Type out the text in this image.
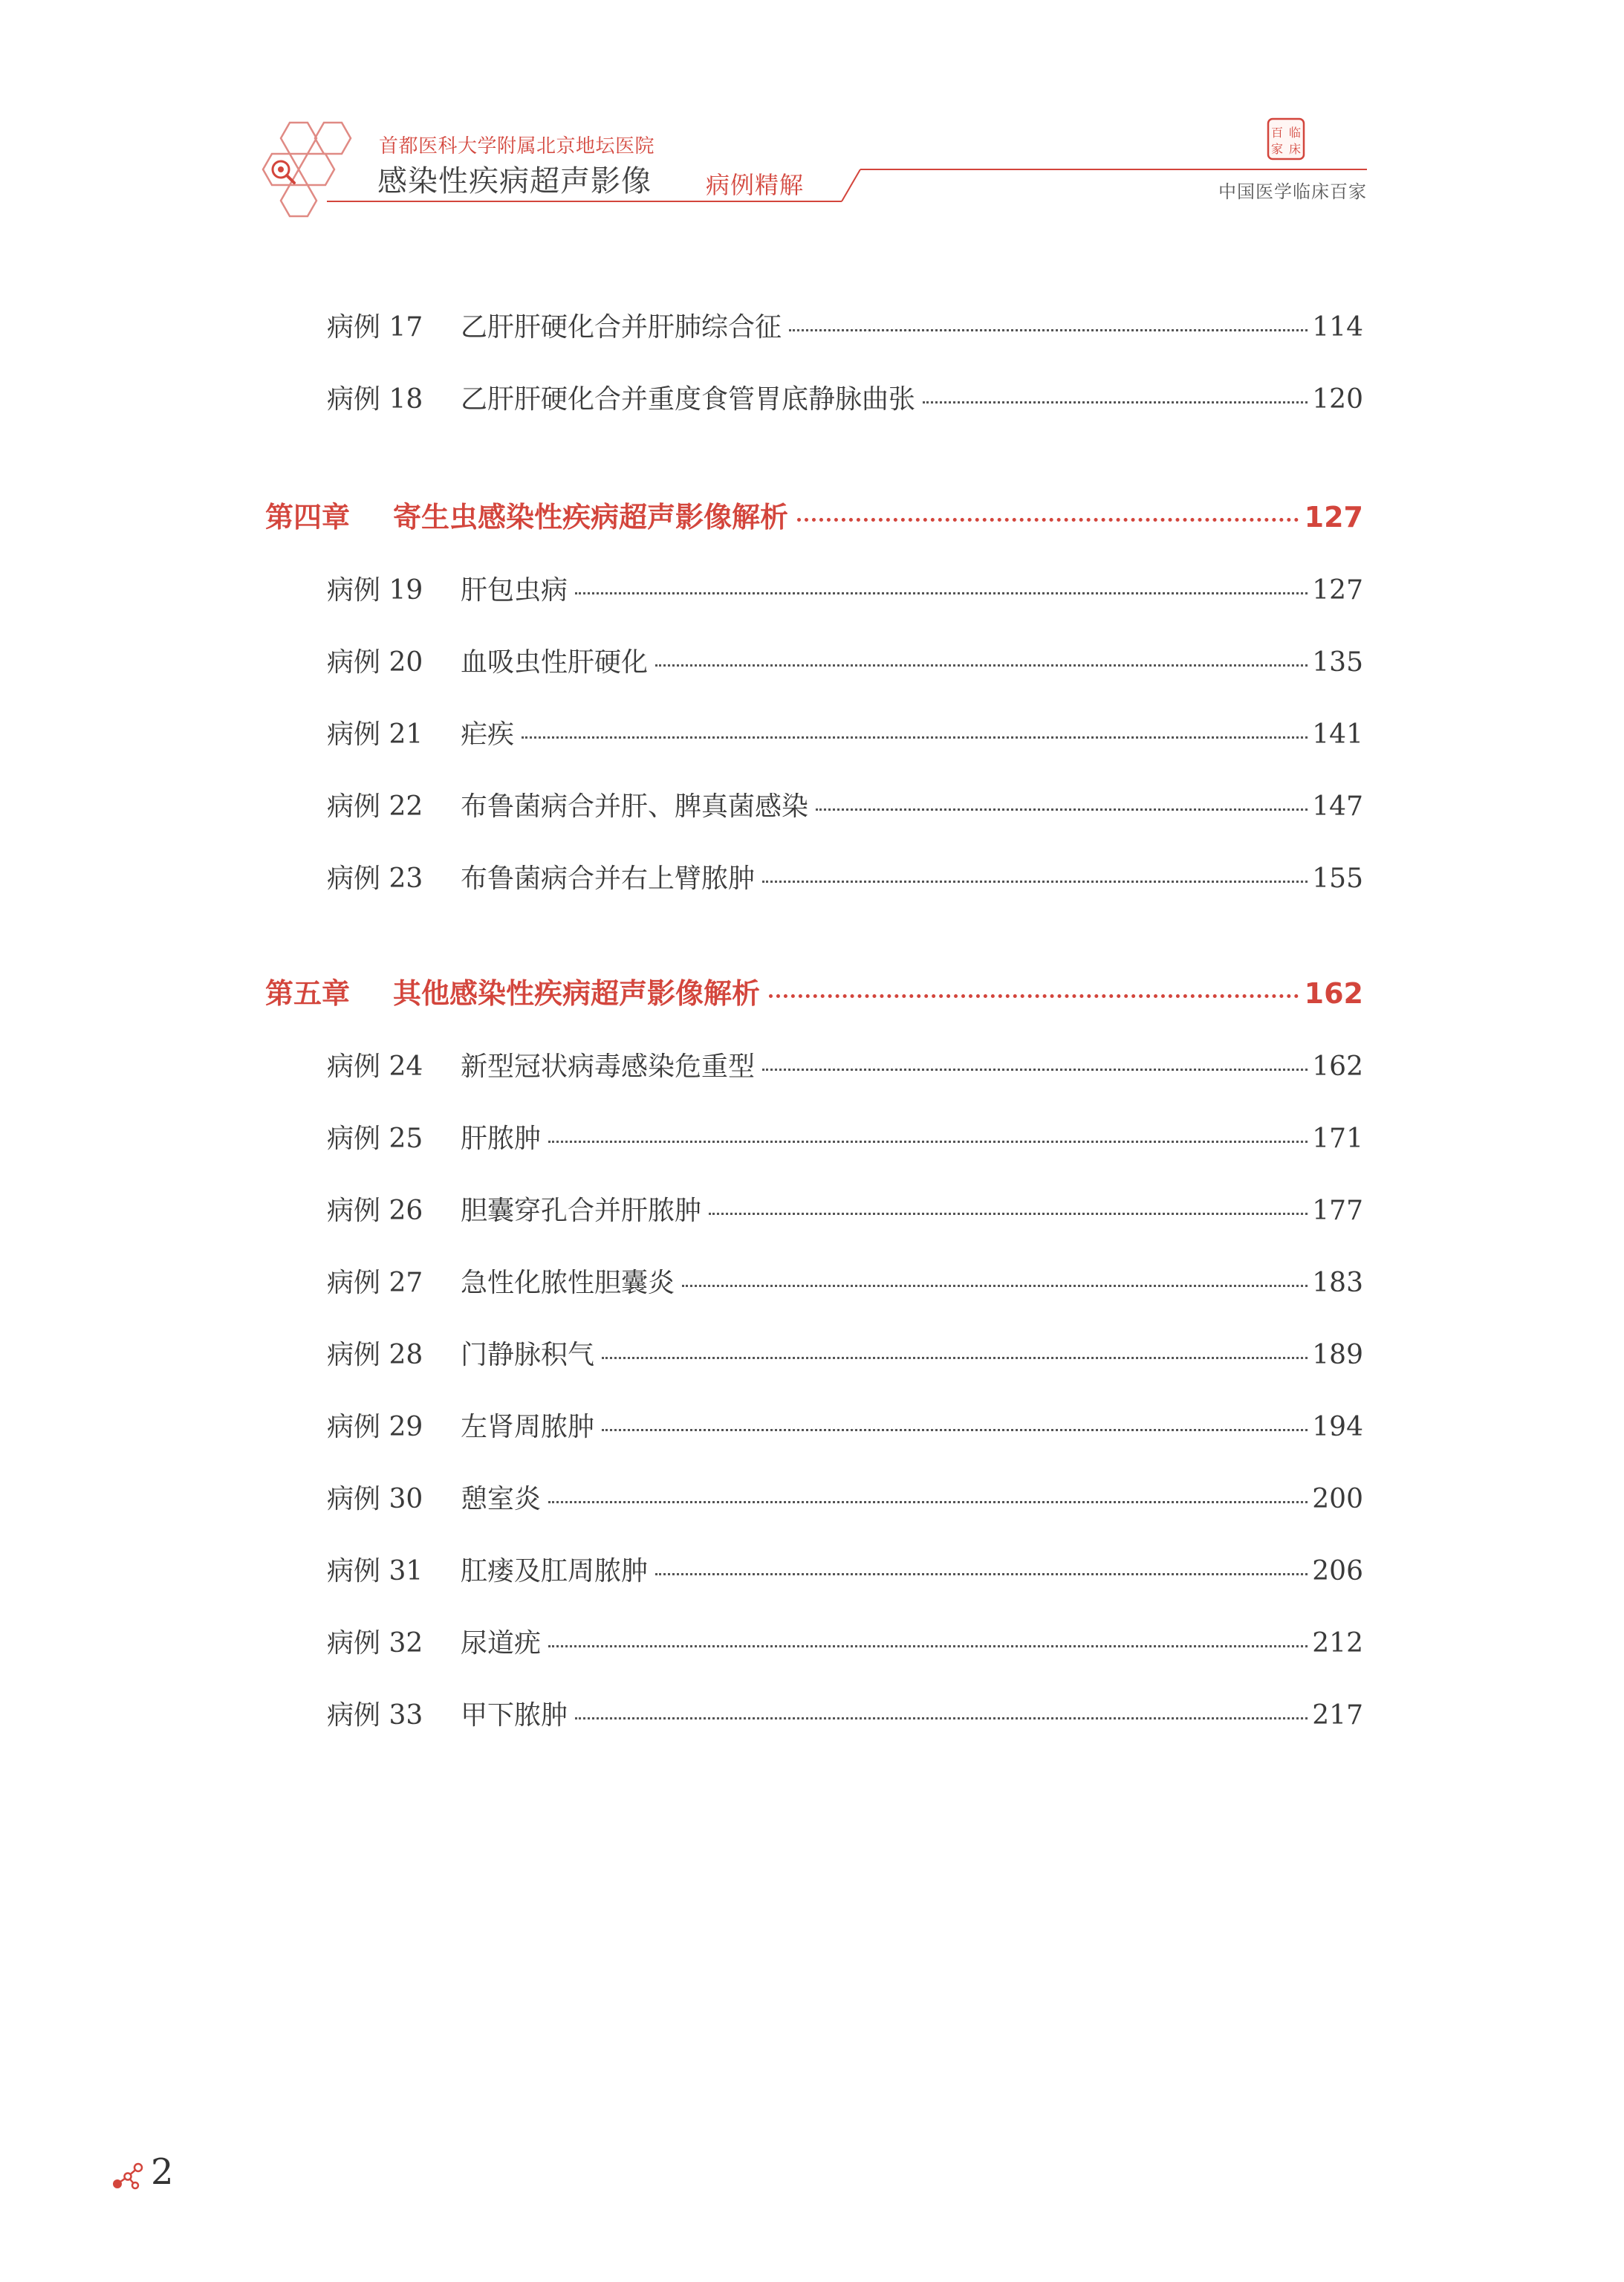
首都医科大学附属北京地坛医院
感染性疾病超声影像 病例精解
百 临
家 床
中国医学临床百家
病例 17	乙肝肝硬化合并肝肺综合征	114
病例 18	乙肝肝硬化合并重度食管胃底静脉曲张	120
第四章	寄生虫感染性疾病超声影像解析	127
病例 19	肝包虫病	127
病例 20	血吸虫性肝硬化	135
病例 21	疟疾	141
病例 22	布鲁菌病合并肝、脾真菌感染	147
病例 23	布鲁菌病合并右上臂脓肿	155
第五章	其他感染性疾病超声影像解析	162
病例 24	新型冠状病毒感染危重型	162
病例 25	肝脓肿	171
病例 26	胆囊穿孔合并肝脓肿	177
病例 27	急性化脓性胆囊炎	183
病例 28	门静脉积气	189
病例 29	左肾周脓肿	194
病例 30	憩室炎	200
病例 31	肛瘘及肛周脓肿	206
病例 32	尿道疣	212
病例 33	甲下脓肿	217
2
